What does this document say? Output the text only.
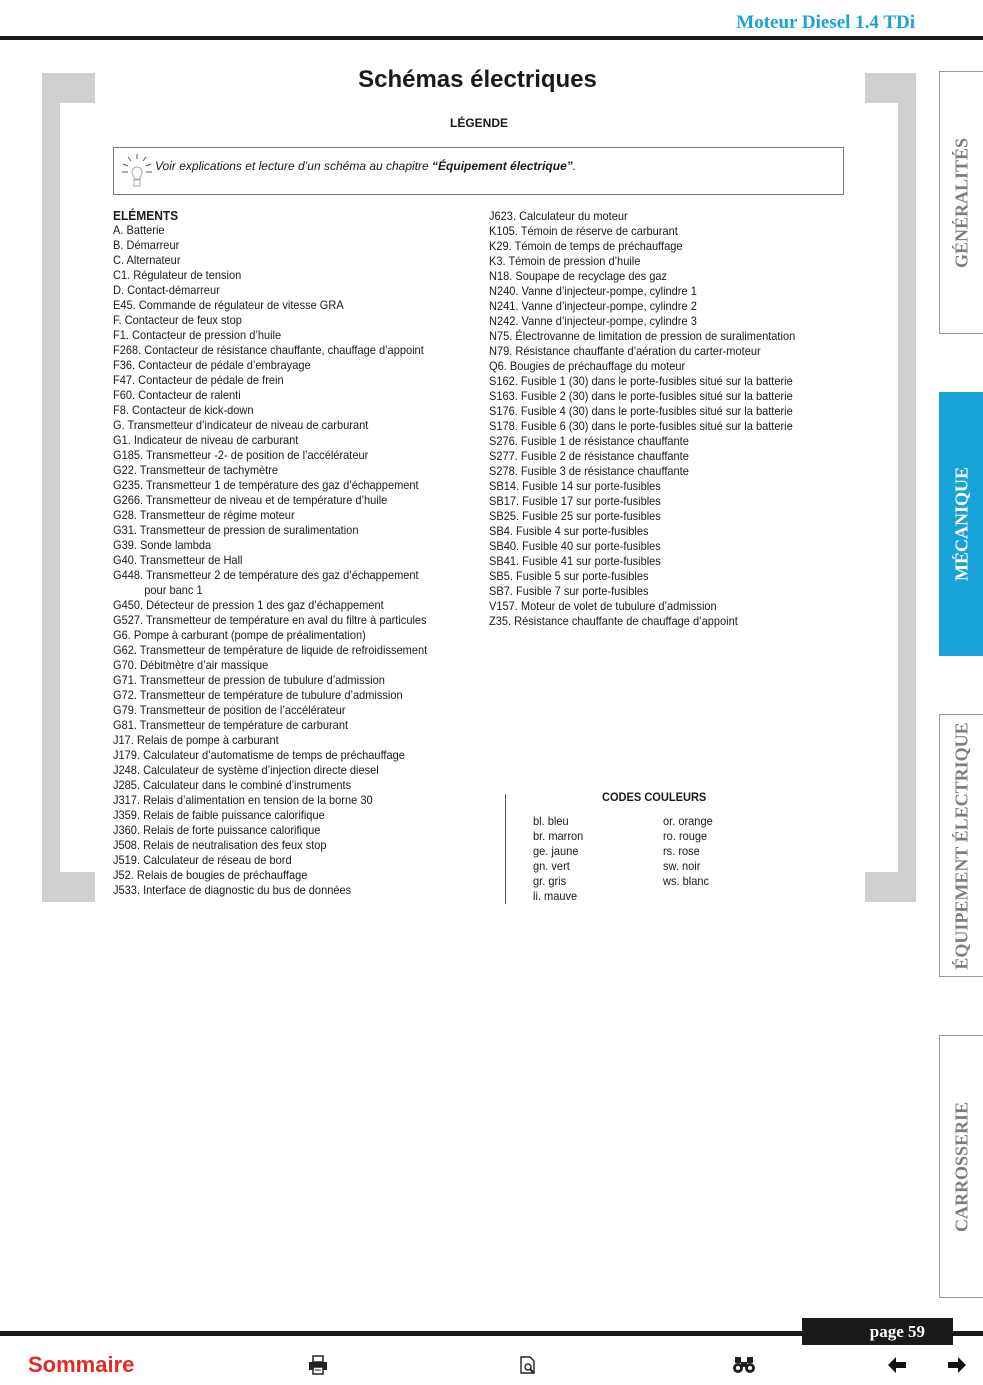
Moteur Diesel 1.4 TDi
Schémas électriques
LÉGENDE
Voir explications et lecture d’un schéma au chapitre “Équipement électrique”.
ELÉMENTS
A. Batterie
B. Démarreur
C. Alternateur
C1. Régulateur de tension
D. Contact-démarreur
E45. Commande de régulateur de vitesse GRA
F. Contacteur de feux stop
F1. Contacteur de pression d’huile
F268. Contacteur de résistance chauffante, chauffage d’appoint
F36. Contacteur de pédale d’embrayage
F47. Contacteur de pédale de frein
F60. Contacteur de ralenti
F8. Contacteur de kick-down
G. Transmetteur d’indicateur de niveau de carburant
G1. Indicateur de niveau de carburant
G185. Transmetteur -2- de position de l’accélérateur
G22. Transmetteur de tachymètre
G235. Transmetteur 1 de température des gaz d’échappement
G266. Transmetteur de niveau et de température d’huile
G28. Transmetteur de régime moteur
G31. Transmetteur de pression de suralimentation
G39. Sonde lambda
G40. Transmetteur de Hall
G448. Transmetteur 2 de température des gaz d’échappement
pour banc 1
G450. Détecteur de pression 1 des gaz d’échappement
G527. Transmetteur de température en aval du filtre à particules
G6. Pompe à carburant (pompe de préalimentation)
G62. Transmetteur de température de liquide de refroidissement
G70. Débitmètre d’air massique
G71. Transmetteur de pression de tubulure d’admission
G72. Transmetteur de température de tubulure d’admission
G79. Transmetteur de position de l’accélérateur
G81. Transmetteur de température de carburant
J17. Relais de pompe à carburant
J179. Calculateur d’automatisme de temps de préchauffage
J248. Calculateur de système d’injection directe diesel
J285. Calculateur dans le combiné d’instruments
J317. Relais d’alimentation en tension de la borne 30
J359. Relais de faible puissance calorifique
J360. Relais de forte puissance calorifique
J508. Relais de neutralisation des feux stop
J519. Calculateur de réseau de bord
J52. Relais de bougies de préchauffage
J533. Interface de diagnostic du bus de données
J623. Calculateur du moteur
K105. Témoin de réserve de carburant
K29. Témoin de temps de préchauffage
K3. Témoin de pression d’huile
N18. Soupape de recyclage des gaz
N240. Vanne d’injecteur-pompe, cylindre 1
N241. Vanne d’injecteur-pompe, cylindre 2
N242. Vanne d’injecteur-pompe, cylindre 3
N75. Électrovanne de limitation de pression de suralimentation
N79. Résistance chauffante d’aération du carter-moteur
Q6. Bougies de préchauffage du moteur
S162. Fusible 1 (30) dans le porte-fusibles situé sur la batterie
S163. Fusible 2 (30) dans le porte-fusibles situé sur la batterie
S176. Fusible 4 (30) dans le porte-fusibles situé sur la batterie
S178. Fusible 6 (30) dans le porte-fusibles situé sur la batterie
S276. Fusible 1 de résistance chauffante
S277. Fusible 2 de résistance chauffante
S278. Fusible 3 de résistance chauffante
SB14. Fusible 14 sur porte-fusibles
SB17. Fusible 17 sur porte-fusibles
SB25. Fusible 25 sur porte-fusibles
SB4. Fusible 4 sur porte-fusibles
SB40. Fusible 40 sur porte-fusibles
SB41. Fusible 41 sur porte-fusibles
SB5. Fusible 5 sur porte-fusibles
SB7. Fusible 7 sur porte-fusibles
V157. Moteur de volet de tubulure d’admission
Z35. Résistance chauffante de chauffage d’appoint
CODES COULEURS
bl. bleu
br. marron
ge. jaune
gn. vert
gr. gris
li. mauve
or. orange
ro. rouge
rs. rose
sw. noir
ws. blanc
GÉNÉRALITÉS
MÉCANIQUE
ÉQUIPEMENT ÉLECTRIQUE
CARROSSERIE
page 59
Sommaire
